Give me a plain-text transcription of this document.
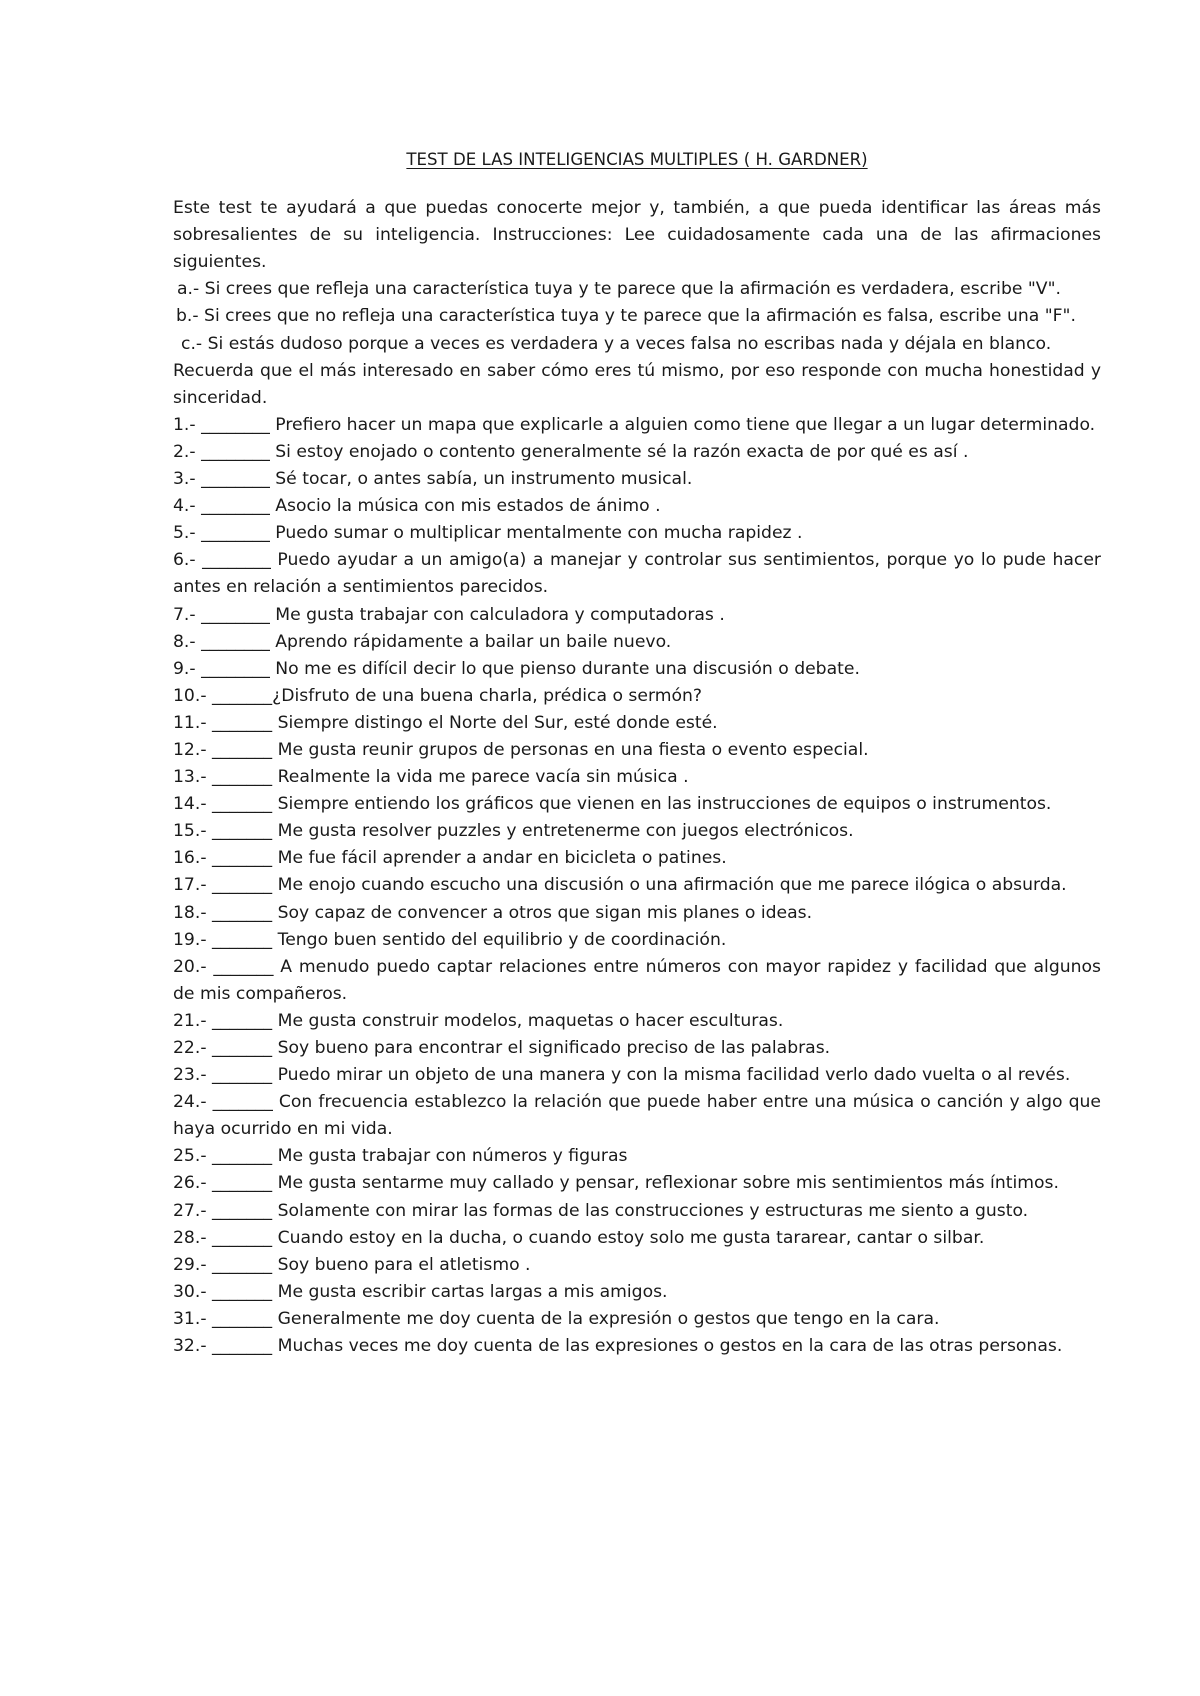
TEST DE LAS INTELIGENCIAS MULTIPLES ( H. GARDNER)

Este test te ayudará a que puedas conocerte mejor y, también, a que pueda identificar las áreas más sobresalientes de su inteligencia. Instrucciones: Lee cuidadosamente cada una de las afirmaciones siguientes.

a.- Si crees que refleja una característica tuya y te parece que la afirmación es verdadera, escribe "V".

b.- Si crees que no refleja una característica tuya y te parece que la afirmación es falsa, escribe una "F".

c.- Si estás dudoso porque a veces es verdadera y a veces falsa no escribas nada y déjala en blanco.

Recuerda que el más interesado en saber cómo eres tú mismo, por eso responde con mucha honestidad y sinceridad.

1.- ________ Prefiero hacer un mapa que explicarle a alguien como tiene que llegar a un lugar determinado.
2.- ________ Si estoy enojado o contento generalmente sé la razón exacta de por qué es así .
3.- ________ Sé tocar, o antes sabía, un instrumento musical.
4.- ________ Asocio la música con mis estados de ánimo .
5.- ________ Puedo sumar o multiplicar mentalmente con mucha rapidez .
6.- ________ Puedo ayudar a un amigo(a) a manejar y controlar sus sentimientos, porque yo lo pude hacer antes en relación a sentimientos parecidos.
7.- ________ Me gusta trabajar con calculadora y computadoras .
8.- ________ Aprendo rápidamente a bailar un baile nuevo.
9.- ________ No me es difícil decir lo que pienso durante una discusión o debate.
10.- _______¿Disfruto de una buena charla, prédica o sermón?
11.- _______ Siempre distingo el Norte del Sur, esté donde esté.
12.- _______ Me gusta reunir grupos de personas en una fiesta o evento especial.
13.- _______ Realmente la vida me parece vacía sin música .
14.- _______ Siempre entiendo los gráficos que vienen en las instrucciones de equipos o instrumentos.
15.- _______ Me gusta resolver puzzles y entretenerme con juegos electrónicos.
16.- _______ Me fue fácil aprender a andar en bicicleta o patines.
17.- _______ Me enojo cuando escucho una discusión o una afirmación que me parece ilógica o absurda.
18.- _______ Soy capaz de convencer a otros que sigan mis planes o ideas.
19.- _______ Tengo buen sentido del equilibrio y de coordinación.
20.- _______ A menudo puedo captar relaciones entre números con mayor rapidez y facilidad que algunos de mis compañeros.
21.- _______ Me gusta construir modelos, maquetas o hacer esculturas.
22.- _______ Soy bueno para encontrar el significado preciso de las palabras.
23.- _______ Puedo mirar un objeto de una manera y con la misma facilidad verlo dado vuelta o al revés.
24.- _______ Con frecuencia establezco la relación que puede haber entre una música o canción y algo que haya ocurrido en mi vida.
25.- _______ Me gusta trabajar con números y figuras
26.- _______ Me gusta sentarme muy callado y pensar, reflexionar sobre mis sentimientos más íntimos.
27.- _______ Solamente con mirar las formas de las construcciones y estructuras me siento a gusto.
28.- _______ Cuando estoy en la ducha, o cuando estoy solo me gusta tararear, cantar o silbar.
29.- _______ Soy bueno para el atletismo .
30.- _______ Me gusta escribir cartas largas a mis amigos.
31.- _______ Generalmente me doy cuenta de la expresión o gestos que tengo en la cara.
32.- _______ Muchas veces me doy cuenta de las expresiones o gestos en la cara de las otras personas.
